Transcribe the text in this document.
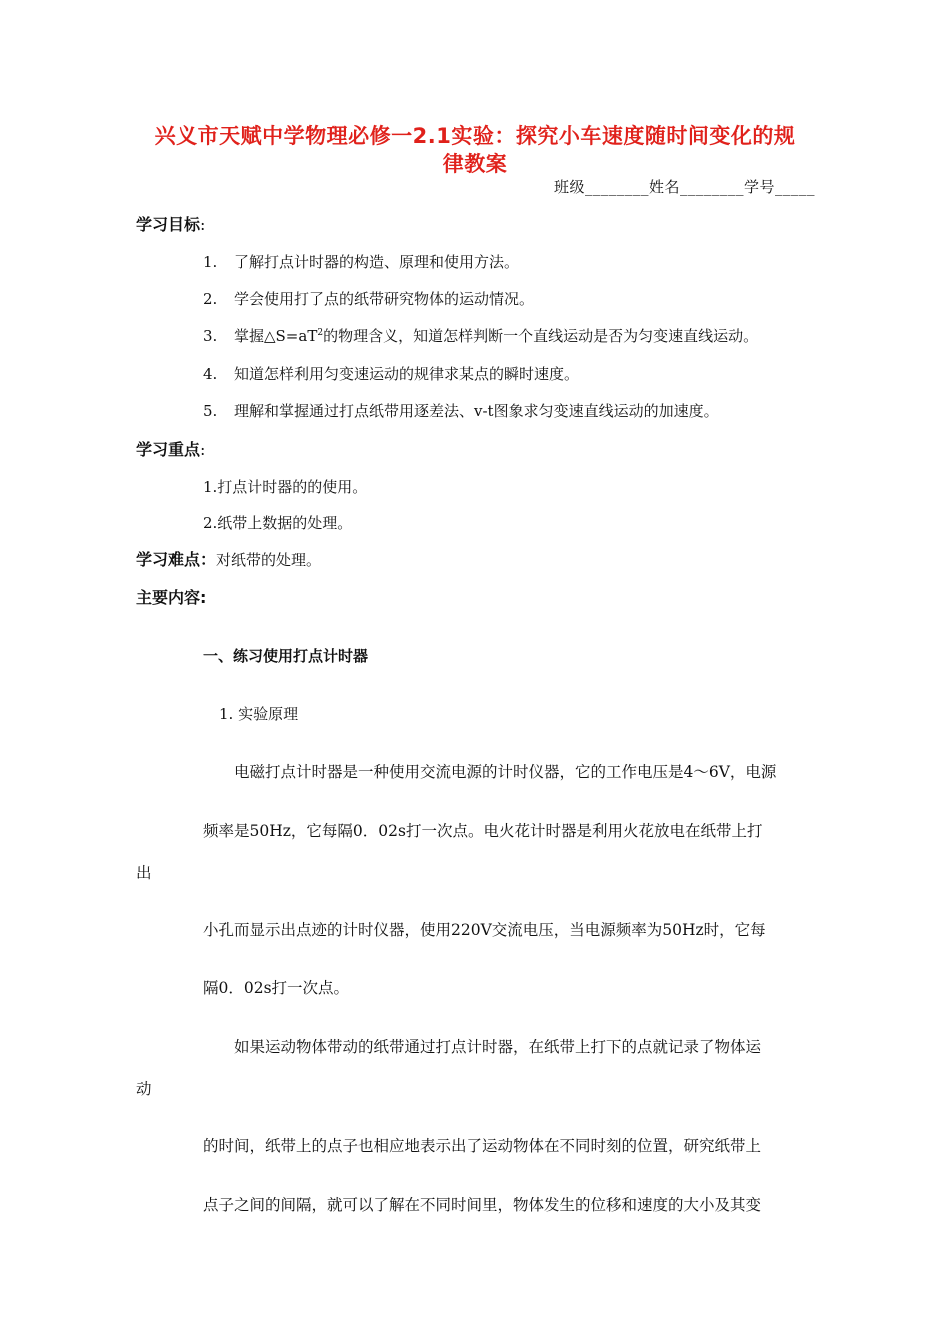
兴义市天赋中学物理必修一2.1实验：探究小车速度随时间变化的规
律教案
班级________姓名________学号_____
学习目标:
1. 了解打点计时器的构造、原理和使用方法。
2. 学会使用打了点的纸带研究物体的运动情况。
3. 掌握$\triangle S=aT^2$的物理含义，知道怎样判断一个直线运动是否为匀变速直线运动。
4. 知道怎样利用匀变速运动的规律求某点的瞬时速度。
5. 理解和掌握通过打点纸带用逐差法、v-t图象求匀变速直线运动的加速度。
学习重点:
1.打点计时器的的使用。
2.纸带上数据的处理。
学习难点：对纸带的处理。
主要内容:
一、练习使用打点计时器
1. 实验原理
电磁打点计时器是一种使用交流电源的计时仪器，它的工作电压是4～6V，电源
频率是50Hz，它每隔0．02s打一次点。电火花计时器是利用火花放电在纸带上打
出
小孔而显示出点迹的计时仪器，使用220V交流电压，当电源频率为50Hz时，它每
隔0．02s打一次点。
如果运动物体带动的纸带通过打点计时器，在纸带上打下的点就记录了物体运
动
的时间，纸带上的点子也相应地表示出了运动物体在不同时刻的位置，研究纸带上
点子之间的间隔，就可以了解在不同时间里，物体发生的位移和速度的大小及其变
